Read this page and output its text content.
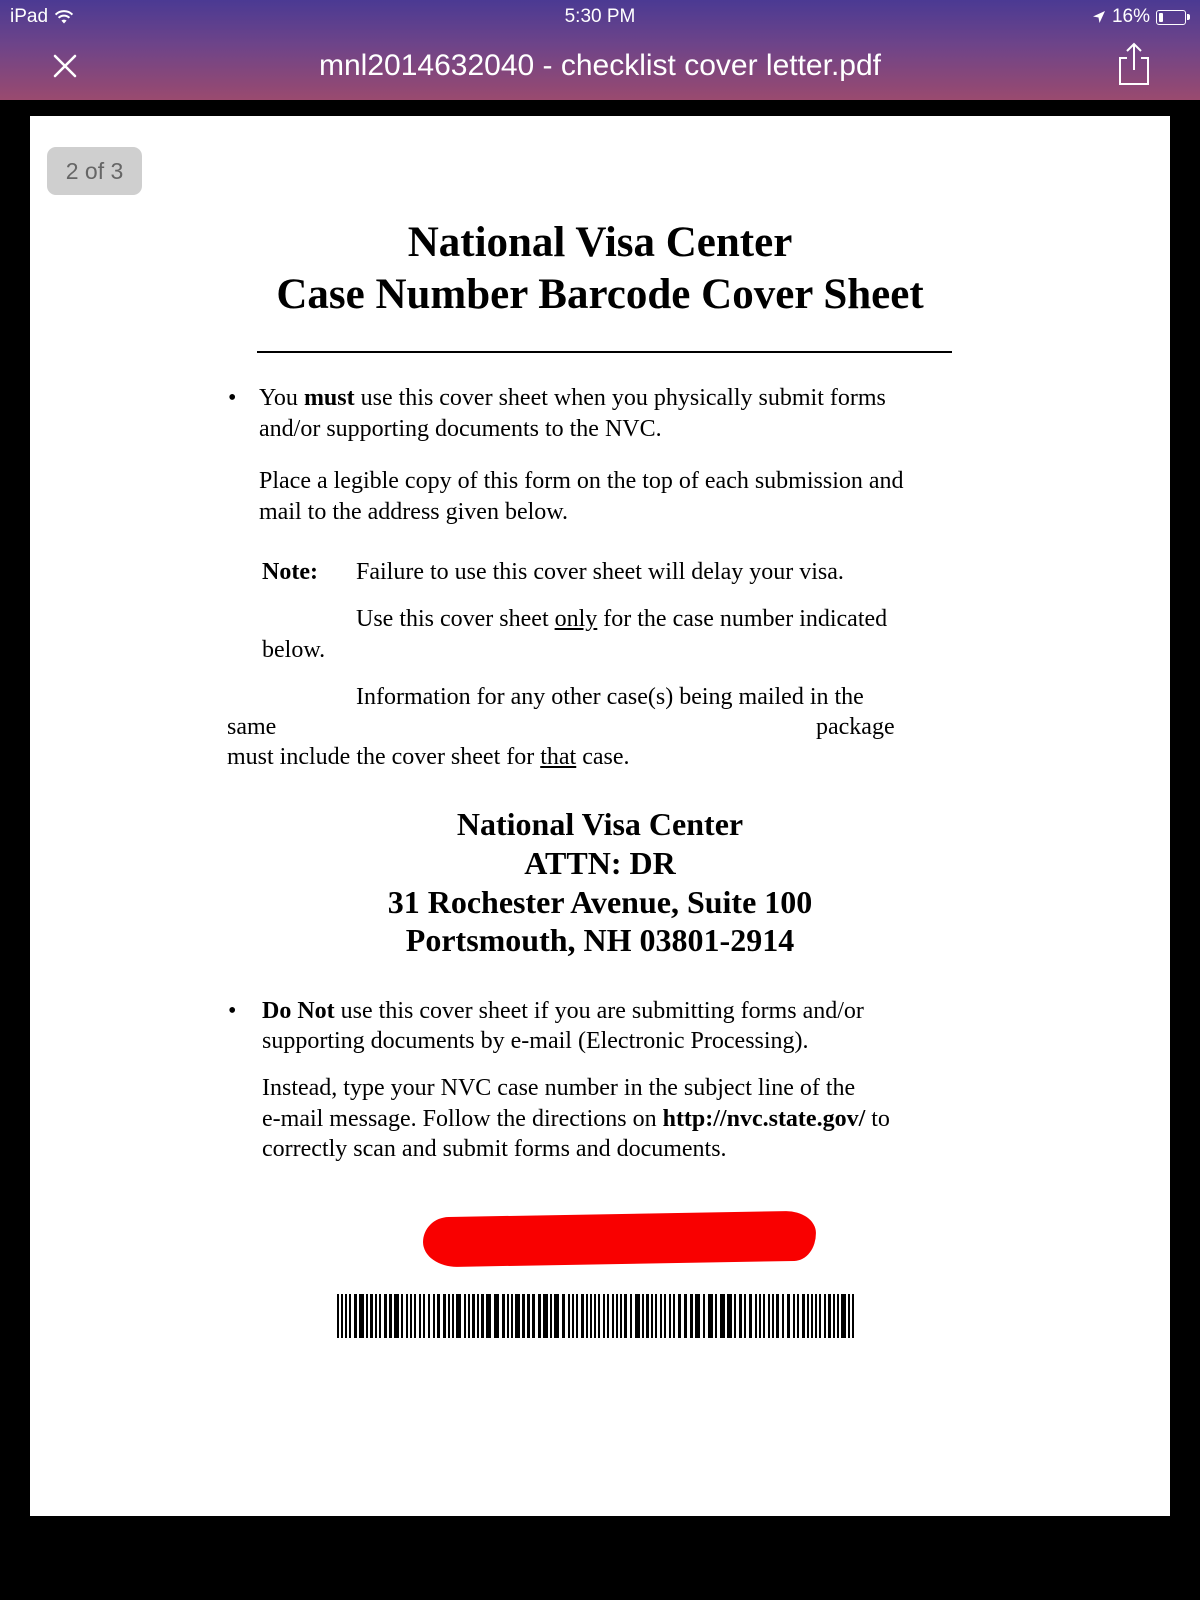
iPad	5:30 PM	16%
mnl2014632040 - checklist cover letter.pdf
2 of 3
National Visa Center
Case Number Barcode Cover Sheet
• You must use this cover sheet when you physically submit forms
and/or supporting documents to the NVC.
Place a legible copy of this form on the top of each submission and
mail to the address given below.
Note: Failure to use this cover sheet will delay your visa.
Use this cover sheet only for the case number indicated
below.
Information for any other case(s) being mailed in the
same	package
must include the cover sheet for that case.
National Visa Center
ATTN: DR
31 Rochester Avenue, Suite 100
Portsmouth, NH 03801-2914
• Do Not use this cover sheet if you are submitting forms and/or
supporting documents by e-mail (Electronic Processing).
Instead, type your NVC case number in the subject line of the
e-mail message. Follow the directions on http://nvc.state.gov/ to
correctly scan and submit forms and documents.
